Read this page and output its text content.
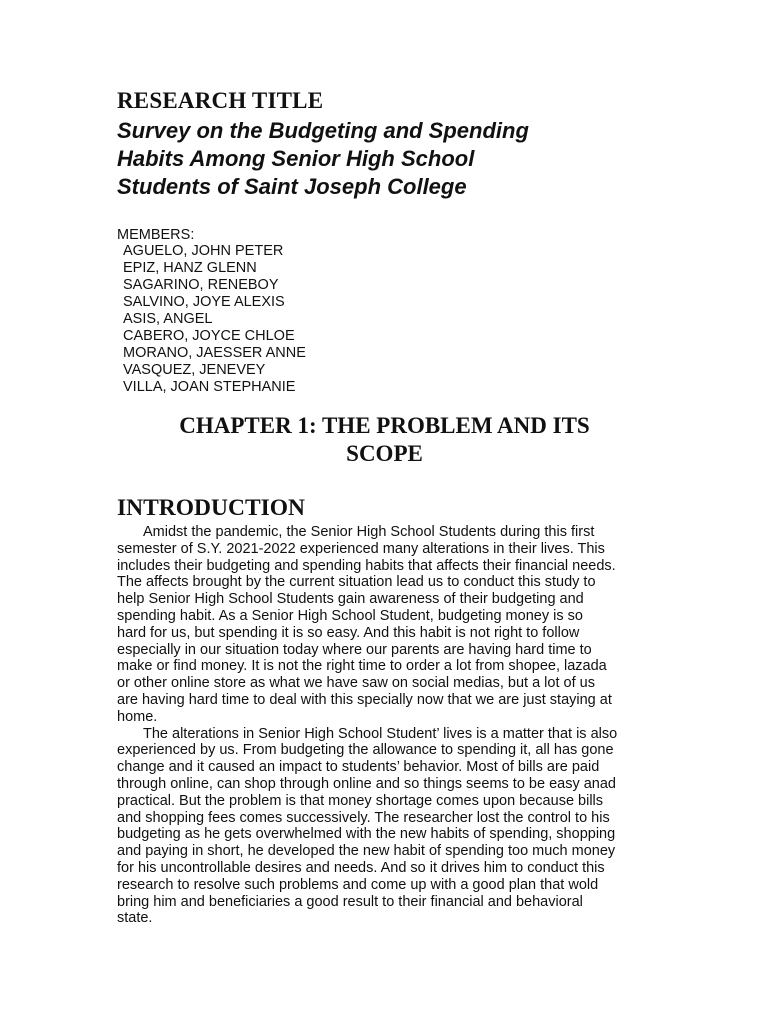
RESEARCH TITLE
Survey on the Budgeting and Spending
Habits Among Senior High School
Students of Saint Joseph College
MEMBERS:
AGUELO, JOHN PETER
EPIZ, HANZ GLENN
SAGARINO, RENEBOY
SALVINO, JOYE ALEXIS
ASIS, ANGEL
CABERO, JOYCE CHLOE
MORANO, JAESSER ANNE
VASQUEZ, JENEVEY
VILLA, JOAN STEPHANIE
CHAPTER 1: THE PROBLEM AND ITS
SCOPE
INTRODUCTION
Amidst the pandemic, the Senior High School Students during this first
semester of S.Y. 2021-2022 experienced many alterations in their lives. This
includes their budgeting and spending habits that affects their financial needs.
The affects brought by the current situation lead us to conduct this study to
help Senior High School Students gain awareness of their budgeting and
spending habit. As a Senior High School Student, budgeting money is so
hard for us, but spending it is so easy. And this habit is not right to follow
especially in our situation today where our parents are having hard time to
make or find money. It is not the right time to order a lot from shopee, lazada
or other online store as what we have saw on social medias, but a lot of us
are having hard time to deal with this specially now that we are just staying at
home.
The alterations in Senior High School Student’ lives is a matter that is also
experienced by us. From budgeting the allowance to spending it, all has gone
change and it caused an impact to students’ behavior. Most of bills are paid
through online, can shop through online and so things seems to be easy anad
practical. But the problem is that money shortage comes upon because bills
and shopping fees comes successively. The researcher lost the control to his
budgeting as he gets overwhelmed with the new habits of spending, shopping
and paying in short, he developed the new habit of spending too much money
for his uncontrollable desires and needs. And so it drives him to conduct this
research to resolve such problems and come up with a good plan that wold
bring him and beneficiaries a good result to their financial and behavioral
state.
